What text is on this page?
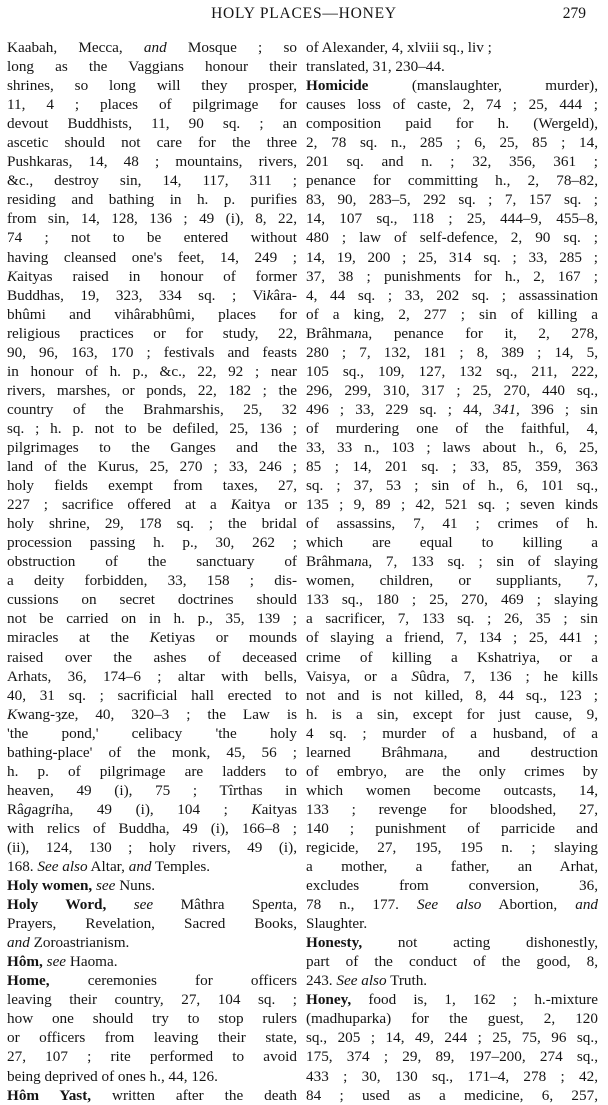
HOLY PLACES—HONEY	279
Kaabah, Mecca, and Mosque ; so
long as the Vaggians honour their
shrines, so long will they prosper,
11, 4 ; places of pilgrimage for
devout Buddhists, 11, 90 sq. ; an
ascetic should not care for the three
Pushkaras, 14, 48 ; mountains, rivers,
&c., destroy sin, 14, 117, 311 ;
residing and bathing in h. p. purifies
from sin, 14, 128, 136 ; 49 (i), 8, 22,
74 ; not to be entered without
having cleansed one's feet, 14, 249 ;
Kaityas raised in honour of former
Buddhas, 19, 323, 334 sq. ; Vikâra-
bhûmi and vihârabhûmi, places for
religious practices or for study, 22,
90, 96, 163, 170 ; festivals and feasts
in honour of h. p., &c., 22, 92 ; near
rivers, marshes, or ponds, 22, 182 ; the
country of the Brahmarshis, 25, 32
sq. ; h. p. not to be defiled, 25, 136 ;
pilgrimages to the Ganges and the
land of the Kurus, 25, 270 ; 33, 246 ;
holy fields exempt from taxes, 27,
227 ; sacrifice offered at a Kaitya or
holy shrine, 29, 178 sq. ; the bridal
procession passing h. p., 30, 262 ;
obstruction of the sanctuary of
a deity forbidden, 33, 158 ; dis-
cussions on secret doctrines should
not be carried on in h. p., 35, 139 ;
miracles at the Ketiyas or mounds
raised over the ashes of deceased
Arhats, 36, 174–6 ; altar with bells,
40, 31 sq. ; sacrificial hall erected to
Kwang-ȝze, 40, 320–3 ; the Law is
'the pond,' celibacy 'the holy
bathing-place' of the monk, 45, 56 ;
h. p. of pilgrimage are ladders to
heaven, 49 (i), 75 ; Tîrthas in
Râgagriha, 49 (i), 104 ; Kaityas
with relics of Buddha, 49 (i), 166–8 ;
(ii), 124, 130 ; holy rivers, 49 (i),
168. See also Altar, and Temples.
Holy women, see Nuns.
Holy Word, see Mâthra Spenta,
Prayers, Revelation, Sacred Books,
and Zoroastrianism.
Hôm, see Haoma.
Home, ceremonies for officers
leaving their country, 27, 104 sq. ;
how one should try to stop rulers
or officers from leaving their state,
27, 107 ; rite performed to avoid
being deprived of ones h., 44, 126.
Hôm Yast, written after the death
of Alexander, 4, xlviii sq., liv ;
translated, 31, 230–44.
Homicide (manslaughter, murder),
causes loss of caste, 2, 74 ; 25, 444 ;
composition paid for h. (Wergeld),
2, 78 sq. n., 285 ; 6, 25, 85 ; 14,
201 sq. and n. ; 32, 356, 361 ;
penance for committing h., 2, 78–82,
83, 90, 283–5, 292 sq. ; 7, 157 sq. ;
14, 107 sq., 118 ; 25, 444–9, 455–8,
480 ; law of self-defence, 2, 90 sq. ;
14, 19, 200 ; 25, 314 sq. ; 33, 285 ;
37, 38 ; punishments for h., 2, 167 ;
4, 44 sq. ; 33, 202 sq. ; assassination
of a king, 2, 277 ; sin of killing a
Brâhmana, penance for it, 2, 278,
280 ; 7, 132, 181 ; 8, 389 ; 14, 5,
105 sq., 109, 127, 132 sq., 211, 222,
296, 299, 310, 317 ; 25, 270, 440 sq.,
496 ; 33, 229 sq. ; 44, 341, 396 ; sin
of murdering one of the faithful, 4,
33, 33 n., 103 ; laws about h., 6, 25,
85 ; 14, 201 sq. ; 33, 85, 359, 363
sq. ; 37, 53 ; sin of h., 6, 101 sq.,
135 ; 9, 89 ; 42, 521 sq. ; seven kinds
of assassins, 7, 41 ; crimes of h.
which are equal to killing a
Brâhmana, 7, 133 sq. ; sin of slaying
women, children, or suppliants, 7,
133 sq., 180 ; 25, 270, 469 ; slaying
a sacrificer, 7, 133 sq. ; 26, 35 ; sin
of slaying a friend, 7, 134 ; 25, 441 ;
crime of killing a Kshatriya, or a
Vaisya, or a Sûdra, 7, 136 ; he kills
not and is not killed, 8, 44 sq., 123 ;
h. is a sin, except for just cause, 9,
4 sq. ; murder of a husband, of a
learned Brâhmana, and destruction
of embryo, are the only crimes by
which women become outcasts, 14,
133 ; revenge for bloodshed, 27,
140 ; punishment of parricide and
regicide, 27, 195, 195 n. ; slaying
a mother, a father, an Arhat,
excludes from conversion, 36,
78 n., 177. See also Abortion, and
Slaughter.
Honesty, not acting dishonestly,
part of the conduct of the good, 8,
243. See also Truth.
Honey, food is, 1, 162 ; h.-mixture
(madhuparka) for the guest, 2, 120
sq., 205 ; 14, 49, 244 ; 25, 75, 96 sq.,
175, 374 ; 29, 89, 197–200, 274 sq.,
433 ; 30, 130 sq., 171–4, 278 ; 42,
84 ; used as a medicine, 6, 257,
